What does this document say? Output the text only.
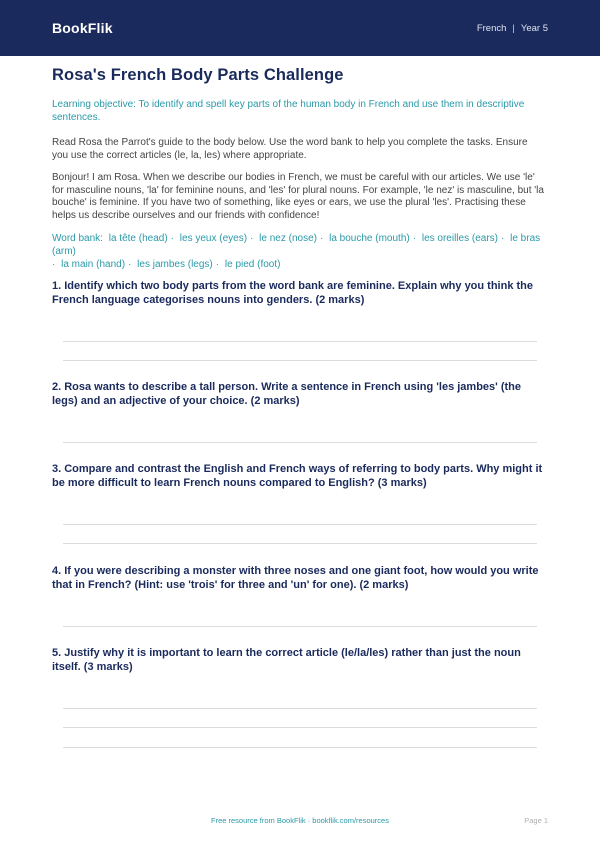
BookFlik	French | Year 5
Rosa's French Body Parts Challenge
Learning objective: To identify and spell key parts of the human body in French and use them in descriptive sentences.
Read Rosa the Parrot's guide to the body below. Use the word bank to help you complete the tasks. Ensure you use the correct articles (le, la, les) where appropriate.
Bonjour! I am Rosa. When we describe our bodies in French, we must be careful with our articles. We use 'le' for masculine nouns, 'la' for feminine nouns, and 'les' for plural nouns. For example, 'le nez' is masculine, but 'la bouche' is feminine. If you have two of something, like eyes or ears, we use the plural 'les'. Practising these helps us describe ourselves and our friends with confidence!
Word bank: la tête (head) · les yeux (eyes) · le nez (nose) · la bouche (mouth) · les oreilles (ears) · le bras (arm)
· la main (hand) · les jambes (legs) · le pied (foot)
1. Identify which two body parts from the word bank are feminine. Explain why you think the French language categorises nouns into genders. (2 marks)
2. Rosa wants to describe a tall person. Write a sentence in French using 'les jambes' (the legs) and an adjective of your choice. (2 marks)
3. Compare and contrast the English and French ways of referring to body parts. Why might it be more difficult to learn French nouns compared to English? (3 marks)
4. If you were describing a monster with three noses and one giant foot, how would you write that in French? (Hint: use 'trois' for three and 'un' for one). (2 marks)
5. Justify why it is important to learn the correct article (le/la/les) rather than just the noun itself. (3 marks)
Free resource from BookFlik · bookflik.com/resources	Page 1
